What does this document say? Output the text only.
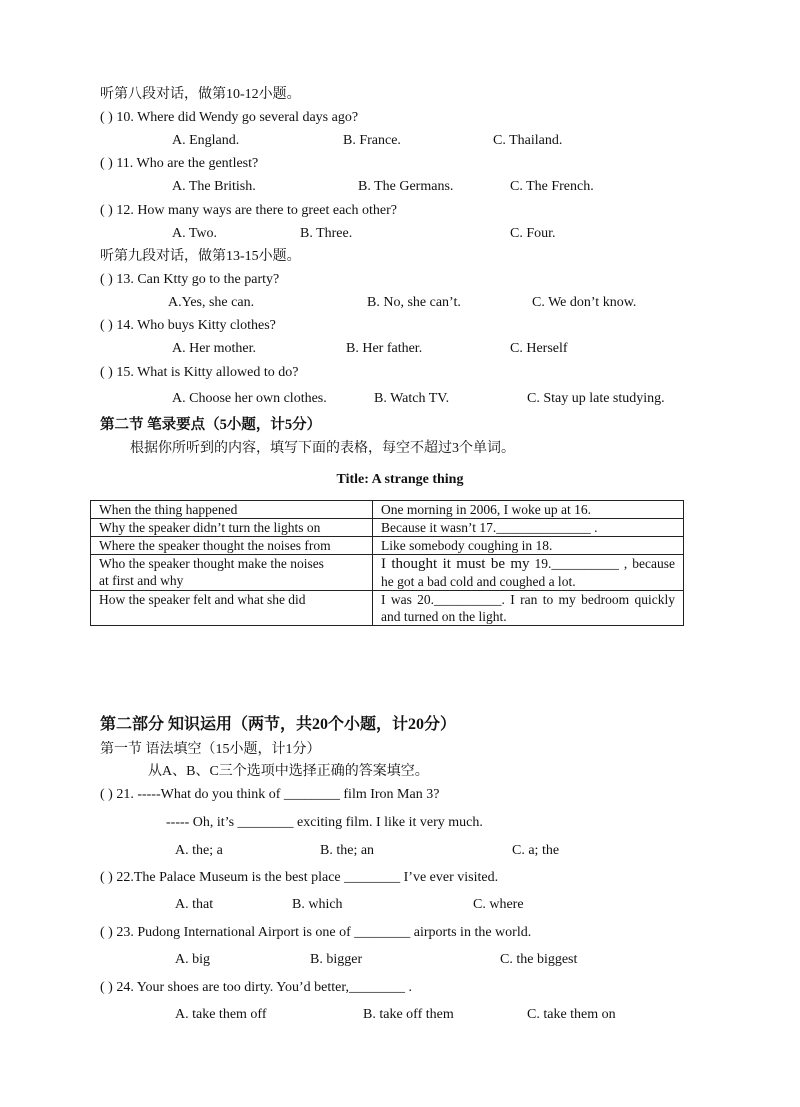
听第八段对话，做第10-12小题。
( ) 10. Where did Wendy go several days ago?
A. England.	B. France.	C. Thailand.
( ) 11. Who are the gentlest?
A. The British.	B. The Germans.	C. The French.
( ) 12. How many ways are there to greet each other?
A. Two.	B. Three.	C. Four.
听第九段对话，做第13-15小题。
( ) 13. Can Ktty go to the party?
A.Yes, she can.	B. No, she can’t.	C. We don’t know.
( ) 14. Who buys Kitty clothes?
A. Her mother.	B. Her father.	C. Herself
( ) 15. What is Kitty allowed to do?
A. Choose her own clothes.	B. Watch TV.	C. Stay up late studying.
第二节 笔录要点（5小题，计5分）
根据你所听到的内容，填写下面的表格，每空不超过3个单词。
Title: A strange thing
When the thing happened	One morning in 2006, I woke up at 16.
Why the speaker didn’t turn the lights on	Because it wasn’t 17.______________ .
Where the speaker thought the noises from	Like somebody coughing in 18.
Who the speaker thought make the noises
at first and why	I thought it must be my 19.__________ , because he got a bad cold and coughed a lot.
How the speaker felt and what she did	I was 20.__________. I ran to my bedroom quickly and turned on the light.
第二部分 知识运用（两节，共20个小题，计20分）
第一节 语法填空（15小题，计1分）
从A、B、C三个选项中选择正确的答案填空。
( ) 21. -----What do you think of ________ film Iron Man 3?
----- Oh, it’s ________ exciting film. I like it very much.
A. the; a	B. the; an	C. a; the
( ) 22.The Palace Museum is the best place ________ I’ve ever visited.
A. that	B. which	C. where
( ) 23. Pudong International Airport is one of ________ airports in the world.
A. big	B. bigger	C. the biggest
( ) 24. Your shoes are too dirty. You’d better,________ .
A. take them off	B. take off them	C. take them on
